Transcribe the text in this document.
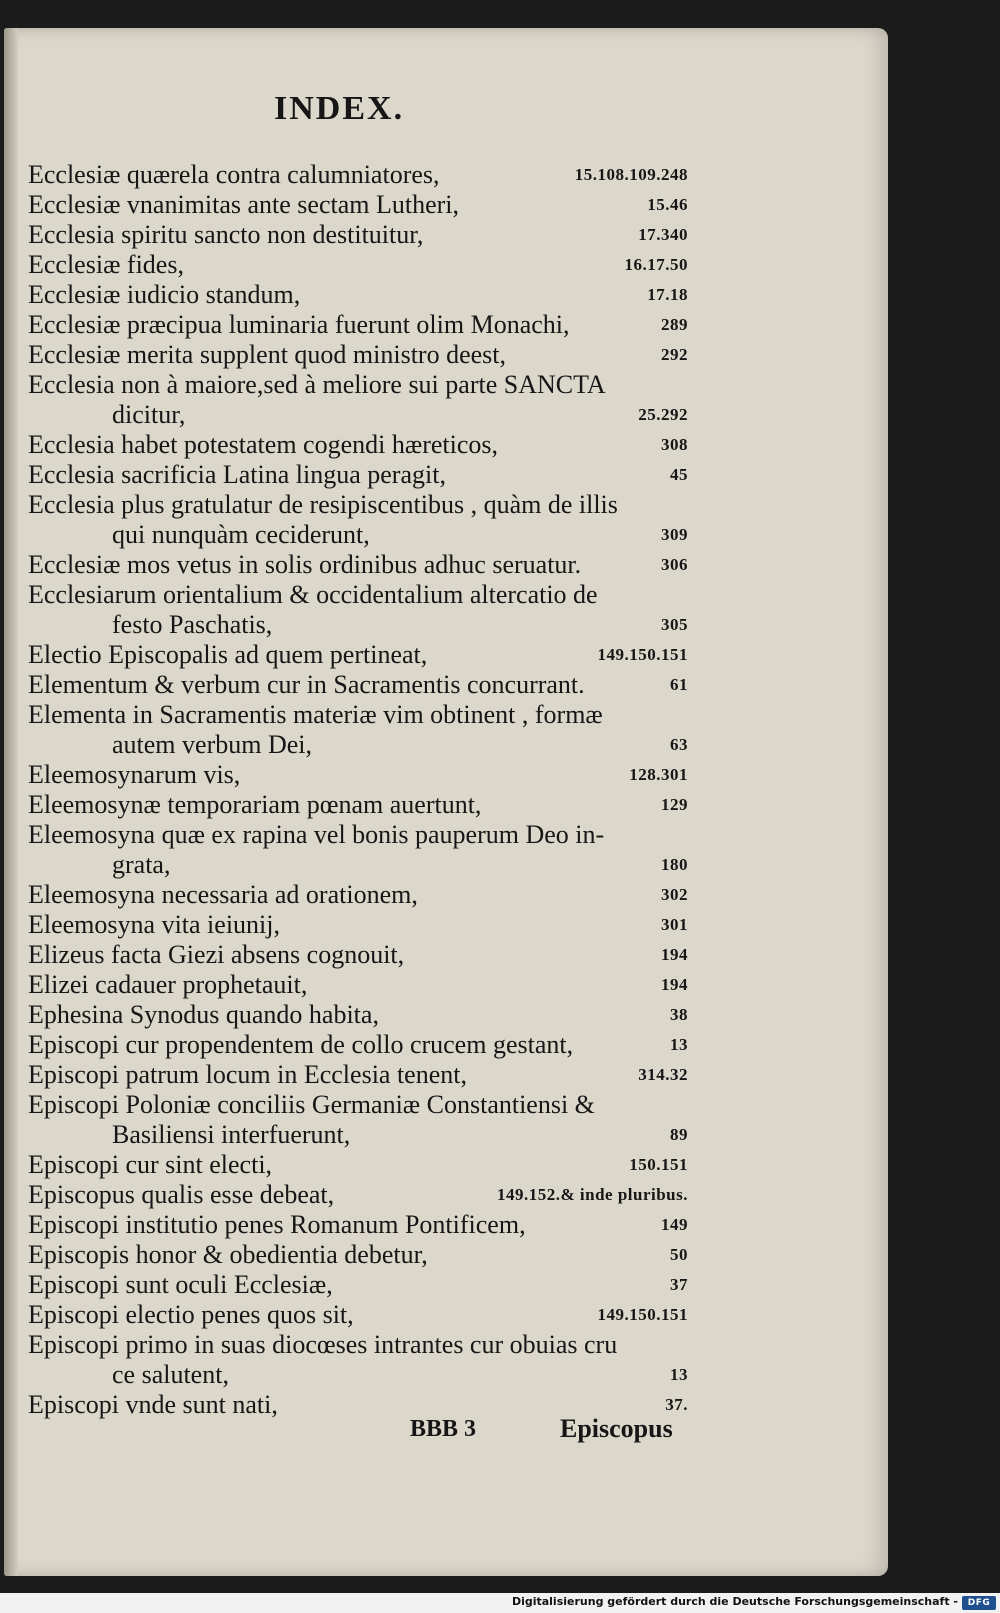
INDEX.
Ecclesiæ quærela contra calumniatores,	15.108.109.248
Ecclesiæ vnanimitas ante sectam Lutheri,	15.46
Ecclesia spiritu sancto non destituitur,	17.340
Ecclesiæ fides,	16.17.50
Ecclesiæ iudicio standum,	17.18
Ecclesiæ præcipua luminaria fuerunt olim Monachi,	289
Ecclesiæ merita supplent quod ministro deest,	292
Ecclesia non à maiore,sed à meliore sui parte SANCTA
dicitur,	25.292
Ecclesia habet potestatem cogendi hæreticos,	308
Ecclesia sacrificia Latina lingua peragit,	45
Ecclesia plus gratulatur de resipiscentibus , quàm de illis
qui nunquàm ceciderunt,	309
Ecclesiæ mos vetus in solis ordinibus adhuc seruatur.	306
Ecclesiarum orientalium & occidentalium altercatio de
festo Paschatis,	305
Electio Episcopalis ad quem pertineat,	149.150.151
Elementum & verbum cur in Sacramentis concurrant.	61
Elementa in Sacramentis materiæ vim obtinent , formæ
autem verbum Dei,	63
Eleemosynarum vis,	128.301
Eleemosynæ temporariam pœnam auertunt,	129
Eleemosyna quæ ex rapina vel bonis pauperum Deo in-
grata,	180
Eleemosyna necessaria ad orationem,	302
Eleemosyna vita ieiunij,	301
Elizeus facta Giezi absens cognouit,	194
Elizei cadauer prophetauit,	194
Ephesina Synodus quando habita,	38
Episcopi cur propendentem de collo crucem gestant,	13
Episcopi patrum locum in Ecclesia tenent,	314.32
Episcopi Poloniæ conciliis Germaniæ Constantiensi &
Basiliensi interfuerunt,	89
Episcopi cur sint electi,	150.151
Episcopus qualis esse debeat,	149.152.& inde pluribus.
Episcopi institutio penes Romanum Pontificem,	149
Episcopis honor & obedientia debetur,	50
Episcopi sunt oculi Ecclesiæ,	37
Episcopi electio penes quos sit,	149.150.151
Episcopi primo in suas diocœses intrantes cur obuias cru
ce salutent,	13
Episcopi vnde sunt nati,	37.
BBB 3	Episcopus
Digitalisierung gefördert durch die Deutsche Forschungsgemeinschaft -	DFG
